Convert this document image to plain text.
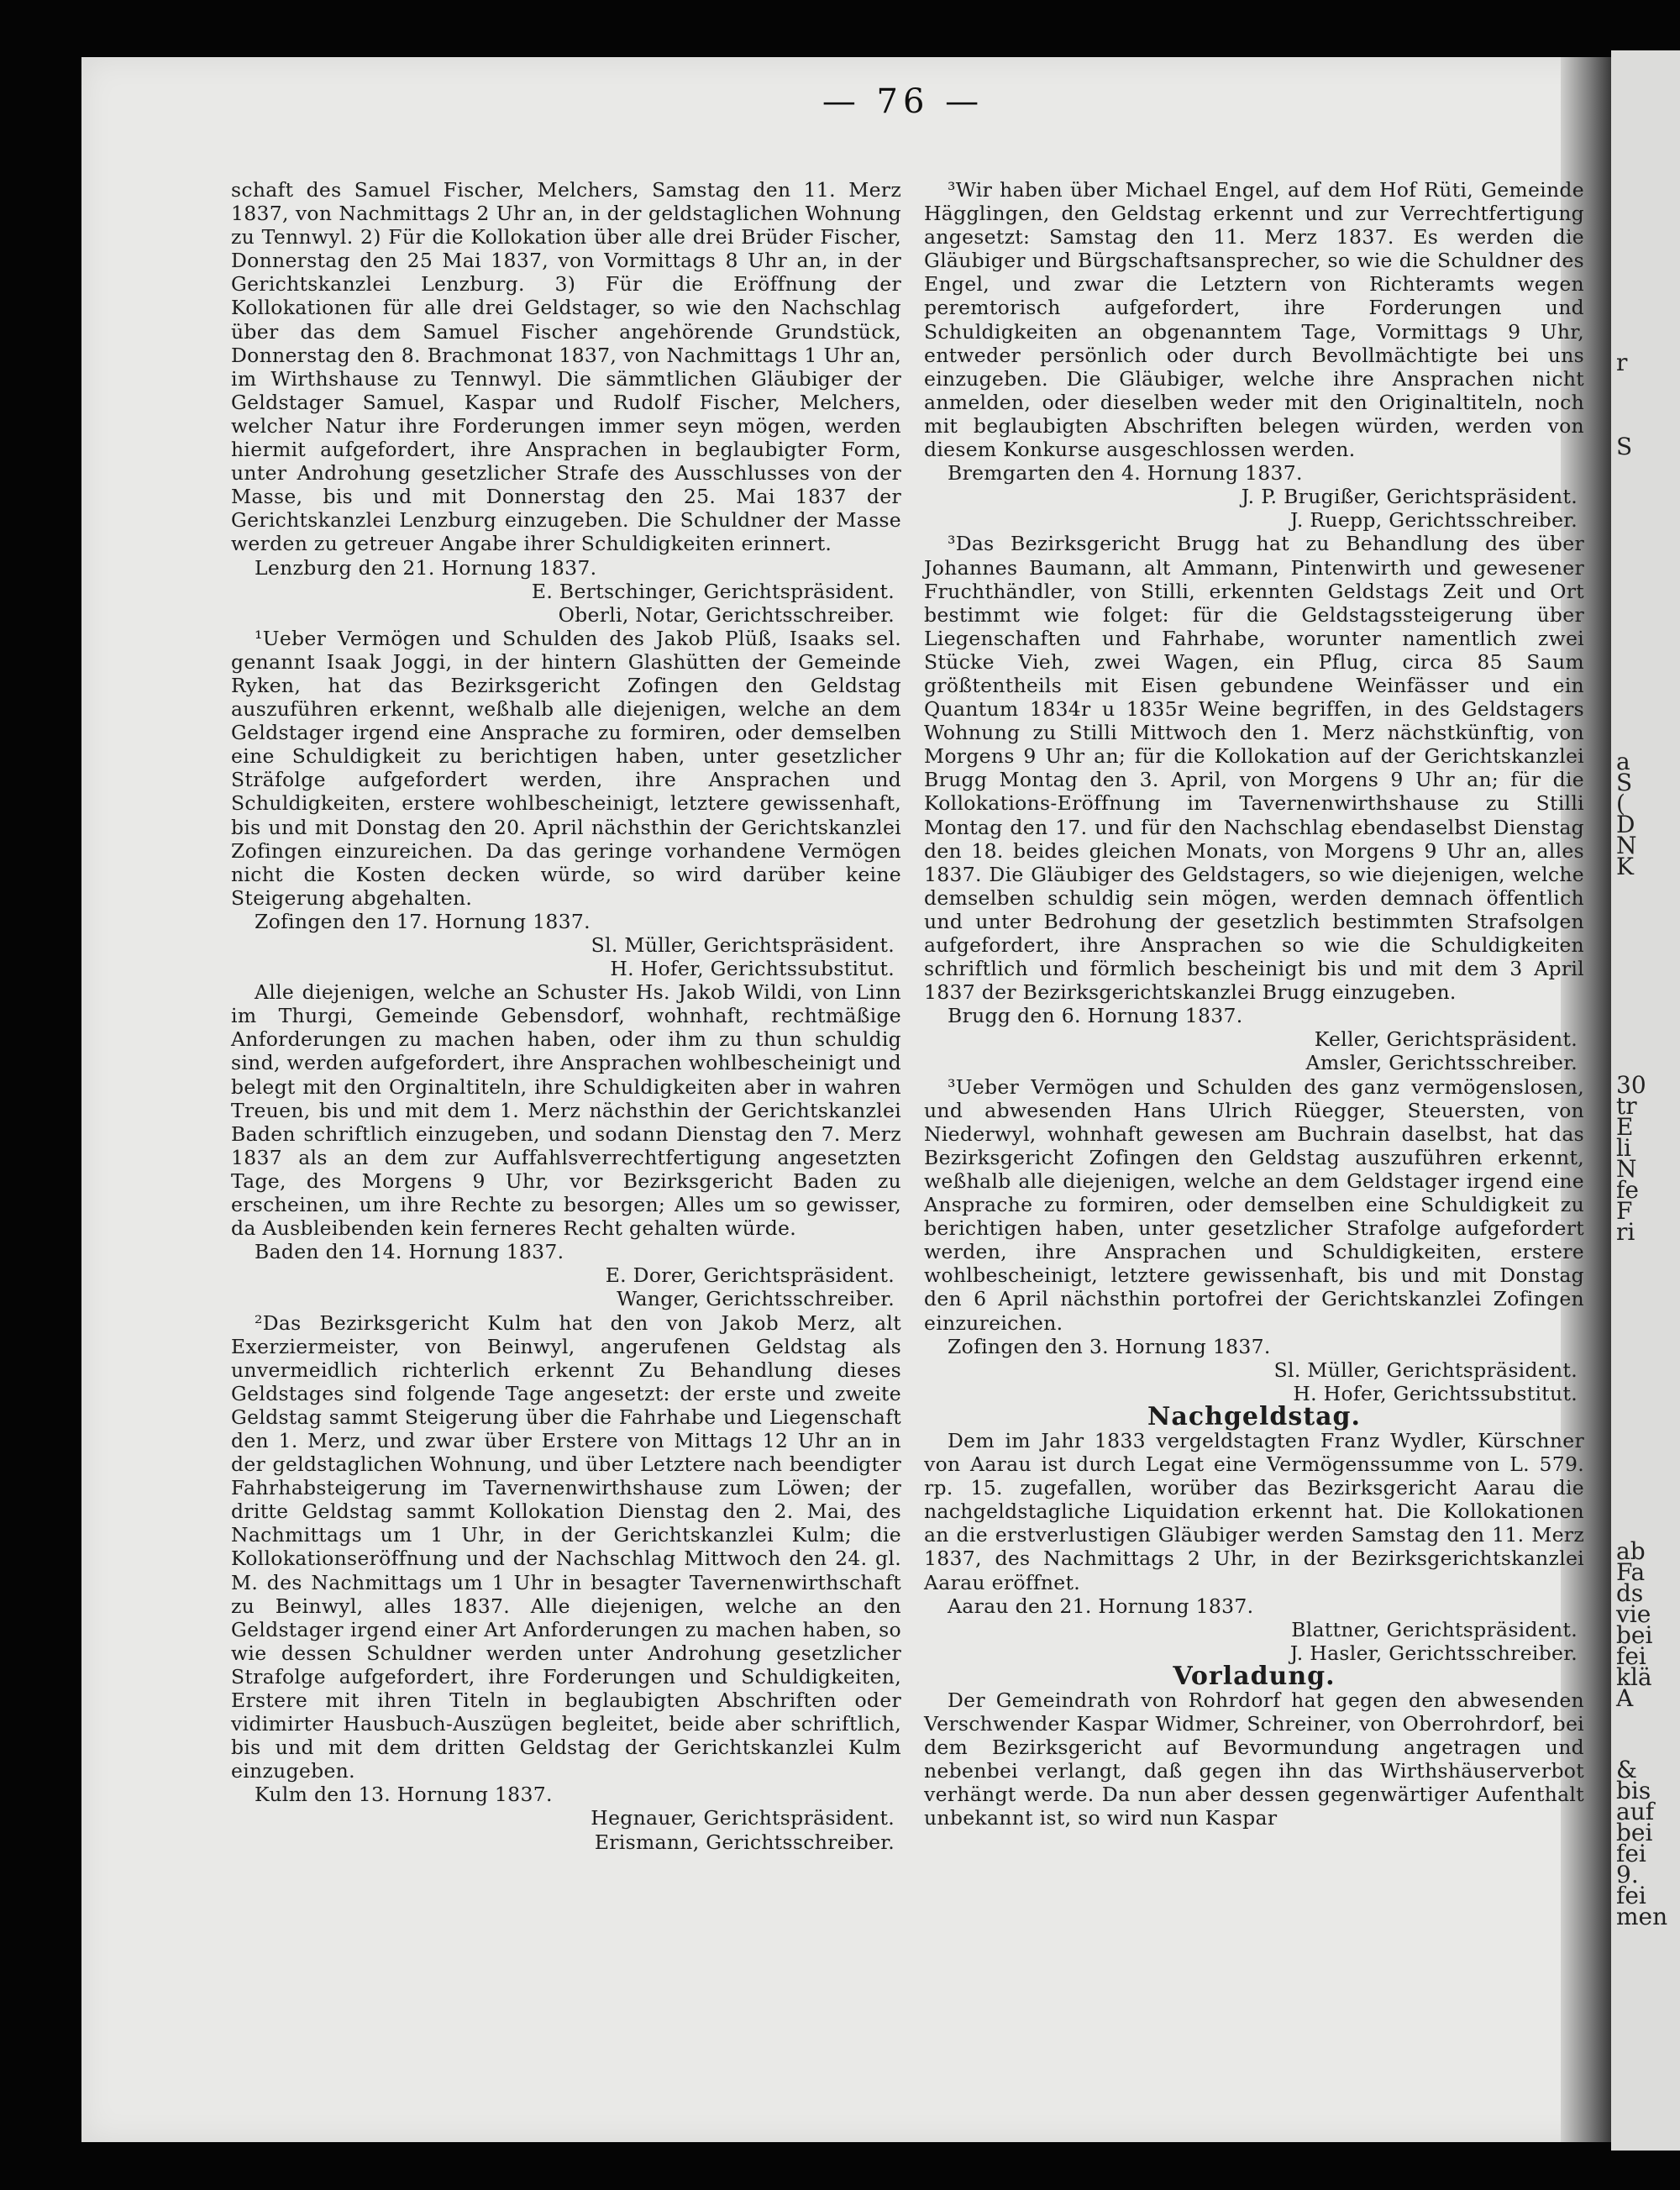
r
S
a
S
(
D
N
K
30
tr
E
li
N
fe
F
ri
ab
Fa
ds
vie
bei
fei
klä
A
&
bis
auf
bei
fei
9.
fei
men
— 76 —

schaft des Samuel Fischer, Melchers, Samstag den 11. Merz 1837, von Nachmittags 2 Uhr an, in der geldstaglichen Wohnung zu Tennwyl. 2) Für die Kollokation über alle drei Brüder Fischer, Donnerstag den 25 Mai 1837, von Vormittags 8 Uhr an, in der Gerichtskanzlei Lenzburg. 3) Für die Eröffnung der Kollokationen für alle drei Geldstager, so wie den Nachschlag über das dem Samuel Fischer angehörende Grundstück, Donnerstag den 8. Brachmonat 1837, von Nachmittags 1 Uhr an, im Wirthshause zu Tennwyl. Die sämmtlichen Gläubiger der Geldstager Samuel, Kaspar und Rudolf Fischer, Melchers, welcher Natur ihre Forderungen immer seyn mögen, werden hiermit aufgefordert, ihre Ansprachen in beglaubigter Form, unter Androhung gesetzlicher Strafe des Ausschlusses von der Masse, bis und mit Donnerstag den 25. Mai 1837 der Gerichtskanzlei Lenzburg einzugeben. Die Schuldner der Masse werden zu getreuer Angabe ihrer Schuldigkeiten erinnert.

Lenzburg den 21. Hornung 1837.

E. Bertschinger, Gerichtspräsident.

Oberli, Notar, Gerichtsschreiber.

¹Ueber Vermögen und Schulden des Jakob Plüß, Isaaks sel. genannt Isaak Joggi, in der hintern Glashütten der Gemeinde Ryken, hat das Bezirksgericht Zofingen den Geldstag auszuführen erkennt, weßhalb alle diejenigen, welche an dem Geldstager irgend eine Ansprache zu formiren, oder demselben eine Schuldigkeit zu berichtigen haben, unter gesetzlicher Sträfolge aufgefordert werden, ihre Ansprachen und Schuldigkeiten, erstere wohlbescheinigt, letztere gewissenhaft, bis und mit Donstag den 20. April nächsthin der Gerichtskanzlei Zofingen einzureichen. Da das geringe vorhandene Vermögen nicht die Kosten decken würde, so wird darüber keine Steigerung abgehalten.

Zofingen den 17. Hornung 1837.

Sl. Müller, Gerichtspräsident.

H. Hofer, Gerichtssubstitut.

Alle diejenigen, welche an Schuster Hs. Jakob Wildi, von Linn im Thurgi, Gemeinde Gebensdorf, wohnhaft, rechtmäßige Anforderungen zu machen haben, oder ihm zu thun schuldig sind, werden aufgefordert, ihre Ansprachen wohlbescheinigt und belegt mit den Orginaltiteln, ihre Schuldigkeiten aber in wahren Treuen, bis und mit dem 1. Merz nächsthin der Gerichtskanzlei Baden schriftlich einzugeben, und sodann Dienstag den 7. Merz 1837 als an dem zur Auffahlsverrechtfertigung angesetzten Tage, des Morgens 9 Uhr, vor Bezirksgericht Baden zu erscheinen, um ihre Rechte zu besorgen; Alles um so gewisser, da Ausbleibenden kein ferneres Recht gehalten würde.

Baden den 14. Hornung 1837.

E. Dorer, Gerichtspräsident.

Wanger, Gerichtsschreiber.

²Das Bezirksgericht Kulm hat den von Jakob Merz, alt Exerziermeister, von Beinwyl, angerufenen Geldstag als unvermeidlich richterlich erkennt Zu Behandlung dieses Geldstages sind folgende Tage angesetzt: der erste und zweite Geldstag sammt Steigerung über die Fahrhabe und Liegenschaft den 1. Merz, und zwar über Erstere von Mittags 12 Uhr an in der geldstaglichen Wohnung, und über Letztere nach beendigter Fahrhabsteigerung im Tavernenwirthshause zum Löwen; der dritte Geldstag sammt Kollokation Dienstag den 2. Mai, des Nachmittags um 1 Uhr, in der Gerichtskanzlei Kulm; die Kollokationseröffnung und der Nachschlag Mittwoch den 24. gl. M. des Nachmittags um 1 Uhr in besagter Tavernenwirthschaft zu Beinwyl, alles 1837. Alle diejenigen, welche an den Geldstager irgend einer Art Anforderungen zu machen haben, so wie dessen Schuldner werden unter Androhung gesetzlicher Strafolge aufgefordert, ihre Forderungen und Schuldigkeiten, Erstere mit ihren Titeln in beglaubigten Abschriften oder vidimirter Hausbuch-Auszügen begleitet, beide aber schriftlich, bis und mit dem dritten Geldstag der Gerichtskanzlei Kulm einzugeben.

Kulm den 13. Hornung 1837.

Hegnauer, Gerichtspräsident.

Erismann, Gerichtsschreiber.

³Wir haben über Michael Engel, auf dem Hof Rüti, Gemeinde Hägglingen, den Geldstag erkennt und zur Verrechtfertigung angesetzt: Samstag den 11. Merz 1837. Es werden die Gläubiger und Bürgschaftsansprecher, so wie die Schuldner des Engel, und zwar die Letztern von Richteramts wegen peremtorisch aufgefordert, ihre Forderungen und Schuldigkeiten an obgenanntem Tage, Vormittags 9 Uhr, entweder persönlich oder durch Bevollmächtigte bei uns einzugeben. Die Gläubiger, welche ihre Ansprachen nicht anmelden, oder dieselben weder mit den Originaltiteln, noch mit beglaubigten Abschriften belegen würden, werden von diesem Konkurse ausgeschlossen werden.

Bremgarten den 4. Hornung 1837.

J. P. Brugißer, Gerichtspräsident.

J. Ruepp, Gerichtsschreiber.

³Das Bezirksgericht Brugg hat zu Behandlung des über Johannes Baumann, alt Ammann, Pintenwirth und gewesener Fruchthändler, von Stilli, erkennten Geldstags Zeit und Ort bestimmt wie folget: für die Geldstagssteigerung über Liegenschaften und Fahrhabe, worunter namentlich zwei Stücke Vieh, zwei Wagen, ein Pflug, circa 85 Saum größtentheils mit Eisen gebundene Weinfässer und ein Quantum 1834r u 1835r Weine begriffen, in des Geldstagers Wohnung zu Stilli Mittwoch den 1. Merz nächstkünftig, von Morgens 9 Uhr an; für die Kollokation auf der Gerichtskanzlei Brugg Montag den 3. April, von Morgens 9 Uhr an; für die Kollokations-Eröffnung im Tavernenwirthshause zu Stilli Montag den 17. und für den Nachschlag ebendaselbst Dienstag den 18. beides gleichen Monats, von Morgens 9 Uhr an, alles 1837. Die Gläubiger des Geldstagers, so wie diejenigen, welche demselben schuldig sein mögen, werden demnach öffentlich und unter Bedrohung der gesetzlich bestimmten Strafsolgen aufgefordert, ihre Ansprachen so wie die Schuldigkeiten schriftlich und förmlich bescheinigt bis und mit dem 3 April 1837 der Bezirksgerichtskanzlei Brugg einzugeben.

Brugg den 6. Hornung 1837.

Keller, Gerichtspräsident.

Amsler, Gerichtsschreiber.

³Ueber Vermögen und Schulden des ganz vermögenslosen, und abwesenden Hans Ulrich Rüegger, Steuersten, von Niederwyl, wohnhaft gewesen am Buchrain daselbst, hat das Bezirksgericht Zofingen den Geldstag auszuführen erkennt, weßhalb alle diejenigen, welche an dem Geldstager irgend eine Ansprache zu formiren, oder demselben eine Schuldigkeit zu berichtigen haben, unter gesetzlicher Strafolge aufgefordert werden, ihre Ansprachen und Schuldigkeiten, erstere wohlbescheinigt, letztere gewissenhaft, bis und mit Donstag den 6 April nächsthin portofrei der Gerichtskanzlei Zofingen einzureichen.

Zofingen den 3. Hornung 1837.

Sl. Müller, Gerichtspräsident.

H. Hofer, Gerichtssubstitut.

Nachgeldstag.

Dem im Jahr 1833 vergeldstagten Franz Wydler, Kürschner von Aarau ist durch Legat eine Vermögenssumme von L. 579. rp. 15. zugefallen, worüber das Bezirksgericht Aarau die nachgeldstagliche Liquidation erkennt hat. Die Kollokationen an die erstverlustigen Gläubiger werden Samstag den 11. Merz 1837, des Nachmittags 2 Uhr, in der Bezirksgerichtskanzlei Aarau eröffnet.

Aarau den 21. Hornung 1837.

Blattner, Gerichtspräsident.

J. Hasler, Gerichtsschreiber.

Vorladung.

Der Gemeindrath von Rohrdorf hat gegen den abwesenden Verschwender Kaspar Widmer, Schreiner, von Oberrohrdorf, bei dem Bezirksgericht auf Bevormundung angetragen und nebenbei verlangt, daß gegen ihn das Wirthshäuserverbot verhängt werde. Da nun aber dessen gegenwärtiger Aufenthalt unbekannt ist, so wird nun Kaspar
